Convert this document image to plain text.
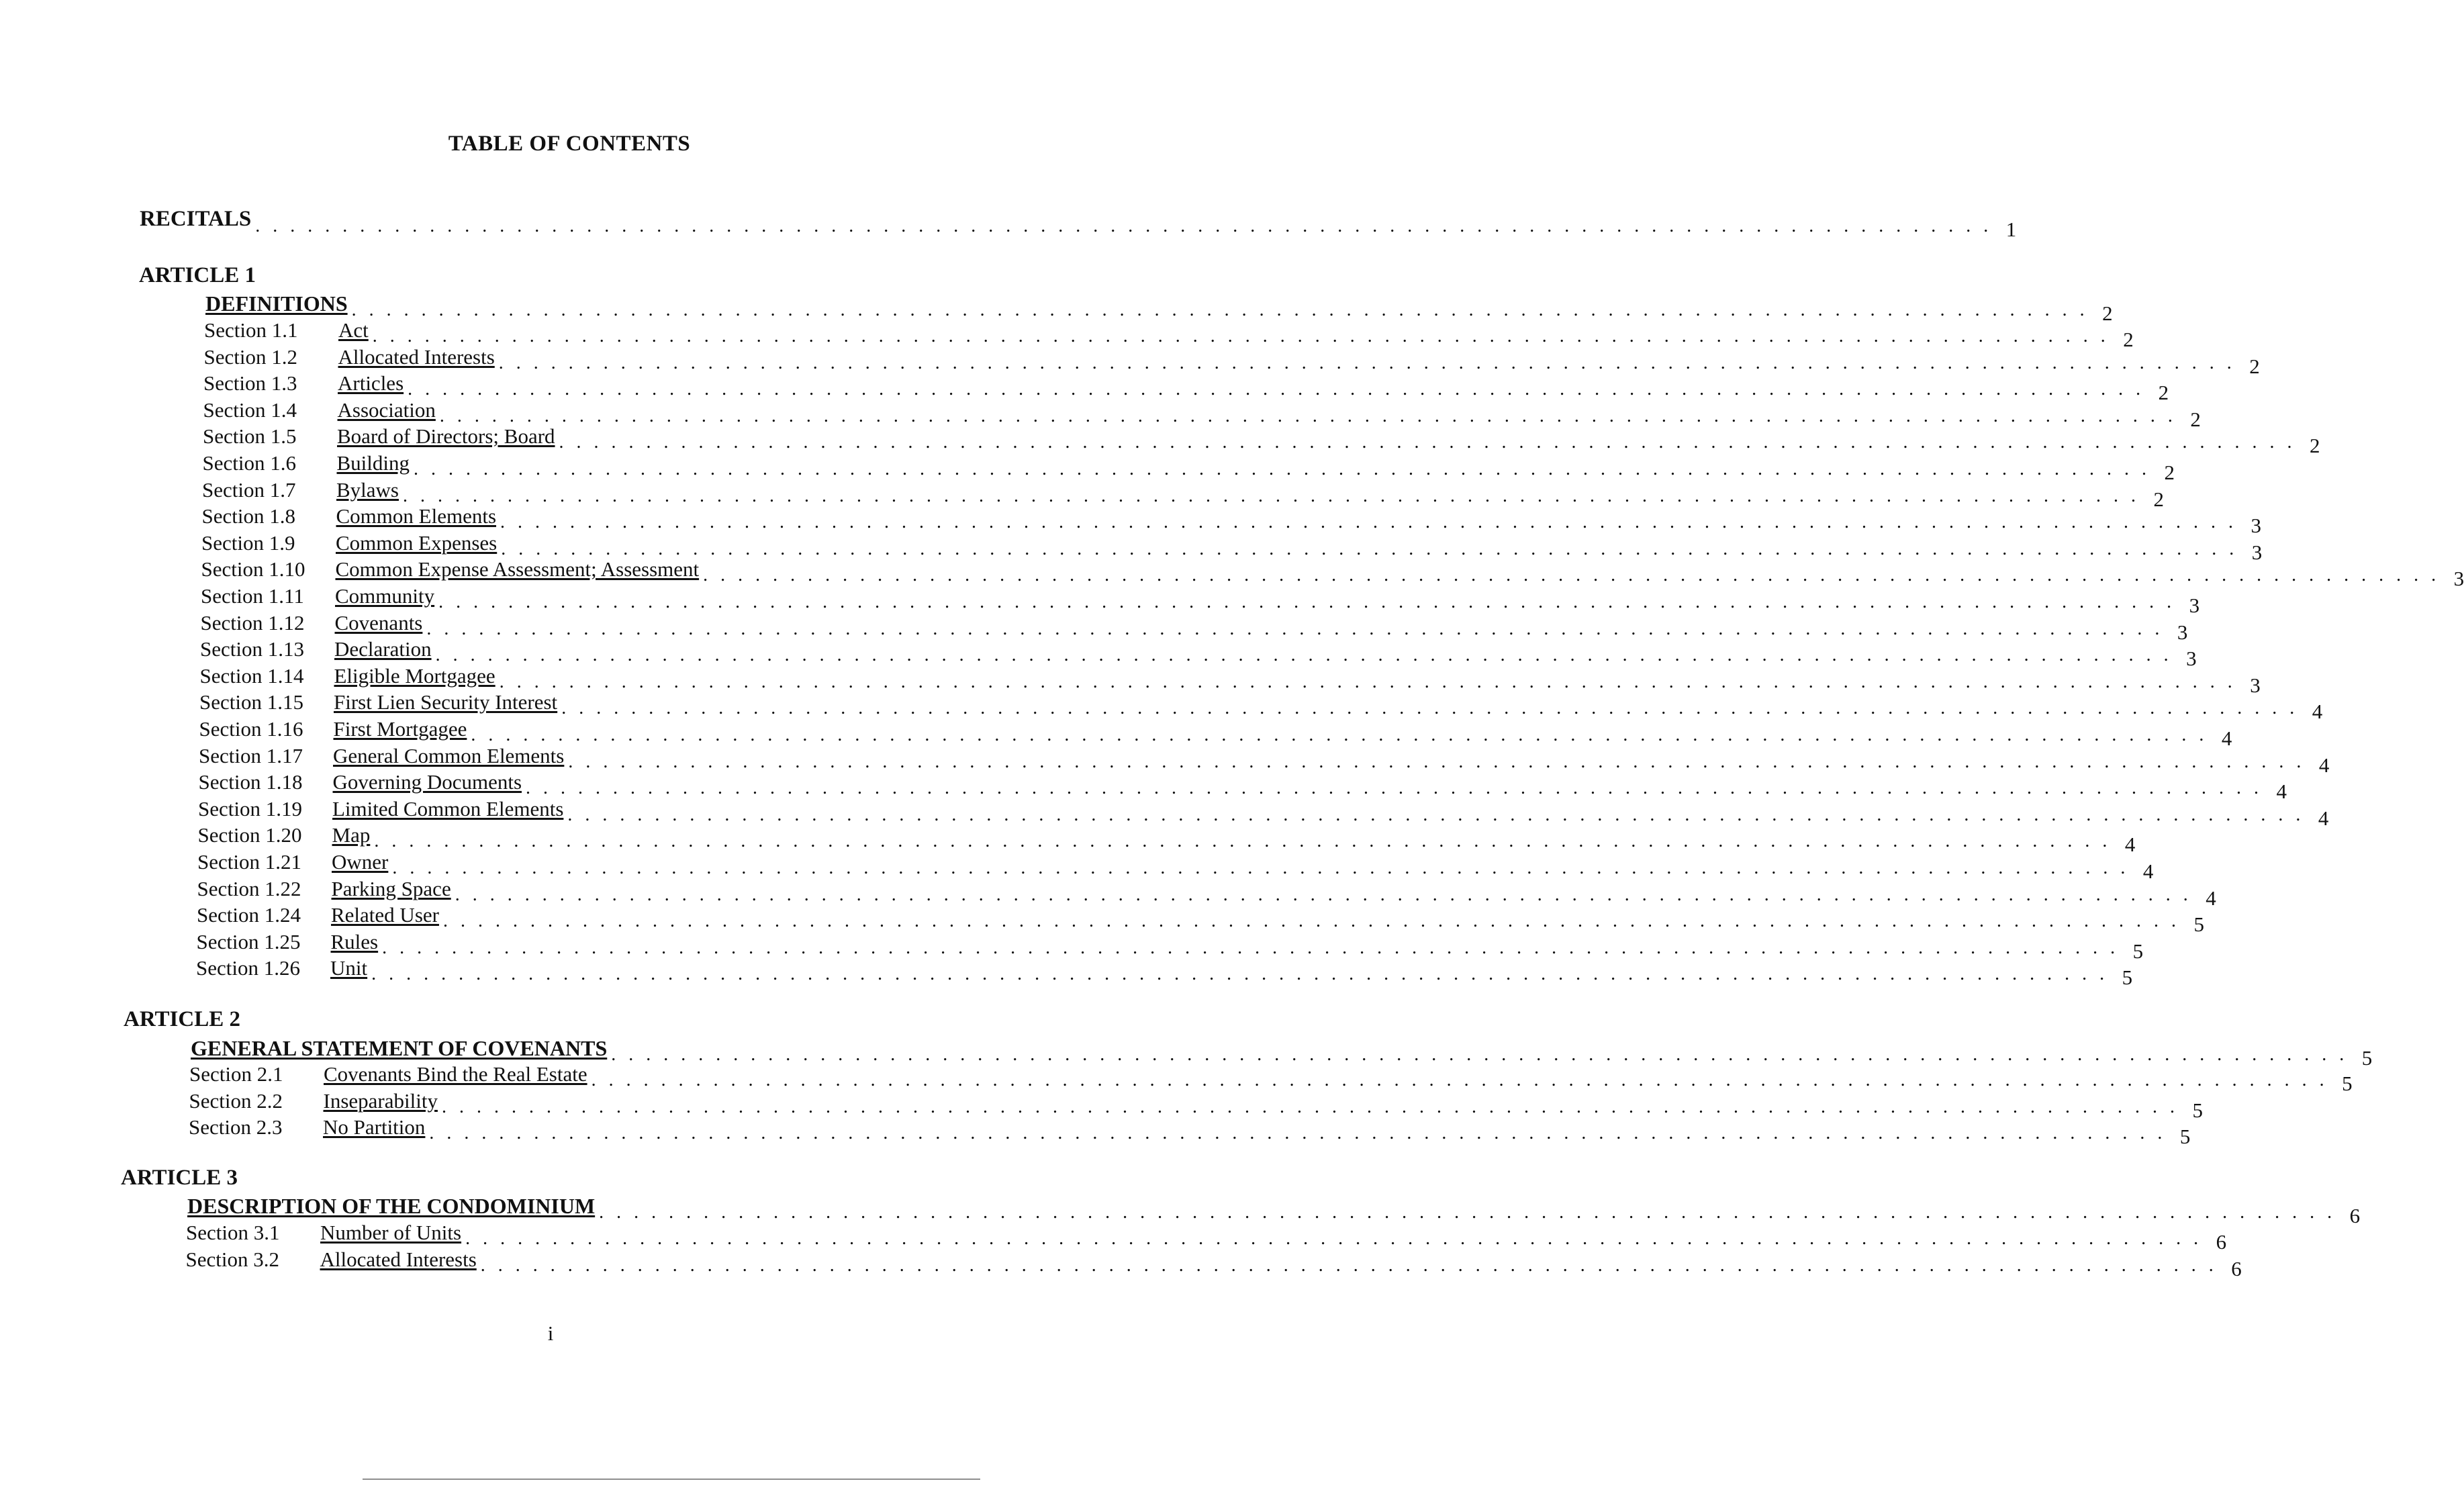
TABLE OF CONTENTS
RECITALS . . . . . . . . . . . . . . . . . . . . . . . . . . . . . . . . . . . . . . . . . . . . . . . . . . . . . . . . . . . . . . . . . . . . . . . . . . . . . . . . . . . . . . . . . . . . . . . . . . . . 1
ARTICLE 1
DEFINITIONS . . . . . . . . . . . . . . . . . . . . . . . . . . . . . . . . . . . . . . . . . . . . . . . . . . . . . . . . . . . . . . . . . . . . . . . . . . . . . . . . . . . . . . . . . . . . . . . . . . . . 2
Section 1.1	Act . . . . . . . . . . . . . . . . . . . . . . . . . . . . . . . . . . . . . . . . . . . . . . . . . . . . . . . . . . . . . . . . . . . . . . . . . . . . . . . . . . . . . . . . . . . . . . . . . . . . 2
Section 1.2	Allocated Interests . . . . . . . . . . . . . . . . . . . . . . . . . . . . . . . . . . . . . . . . . . . . . . . . . . . . . . . . . . . . . . . . . . . . . . . . . . . . . . . . . . . . . . . . . . . . . . . . . . . . 2
Section 1.3	Articles . . . . . . . . . . . . . . . . . . . . . . . . . . . . . . . . . . . . . . . . . . . . . . . . . . . . . . . . . . . . . . . . . . . . . . . . . . . . . . . . . . . . . . . . . . . . . . . . . . . . 2
Section 1.4	Association . . . . . . . . . . . . . . . . . . . . . . . . . . . . . . . . . . . . . . . . . . . . . . . . . . . . . . . . . . . . . . . . . . . . . . . . . . . . . . . . . . . . . . . . . . . . . . . . . . . . 2
Section 1.5	Board of Directors; Board . . . . . . . . . . . . . . . . . . . . . . . . . . . . . . . . . . . . . . . . . . . . . . . . . . . . . . . . . . . . . . . . . . . . . . . . . . . . . . . . . . . . . . . . . . . . . . . . . . . . 2
Section 1.6	Building . . . . . . . . . . . . . . . . . . . . . . . . . . . . . . . . . . . . . . . . . . . . . . . . . . . . . . . . . . . . . . . . . . . . . . . . . . . . . . . . . . . . . . . . . . . . . . . . . . . . 2
Section 1.7	Bylaws . . . . . . . . . . . . . . . . . . . . . . . . . . . . . . . . . . . . . . . . . . . . . . . . . . . . . . . . . . . . . . . . . . . . . . . . . . . . . . . . . . . . . . . . . . . . . . . . . . . . 2
Section 1.8	Common Elements . . . . . . . . . . . . . . . . . . . . . . . . . . . . . . . . . . . . . . . . . . . . . . . . . . . . . . . . . . . . . . . . . . . . . . . . . . . . . . . . . . . . . . . . . . . . . . . . . . . . 3
Section 1.9	Common Expenses . . . . . . . . . . . . . . . . . . . . . . . . . . . . . . . . . . . . . . . . . . . . . . . . . . . . . . . . . . . . . . . . . . . . . . . . . . . . . . . . . . . . . . . . . . . . . . . . . . . . 3
Section 1.10	Common Expense Assessment; Assessment . . . . . . . . . . . . . . . . . . . . . . . . . . . . . . . . . . . . . . . . . . . . . . . . . . . . . . . . . . . . . . . . . . . . . . . . . . . . . . . . . . . . . . . . . . . . . . . . . . . . 3
Section 1.11	Community . . . . . . . . . . . . . . . . . . . . . . . . . . . . . . . . . . . . . . . . . . . . . . . . . . . . . . . . . . . . . . . . . . . . . . . . . . . . . . . . . . . . . . . . . . . . . . . . . . . . 3
Section 1.12	Covenants . . . . . . . . . . . . . . . . . . . . . . . . . . . . . . . . . . . . . . . . . . . . . . . . . . . . . . . . . . . . . . . . . . . . . . . . . . . . . . . . . . . . . . . . . . . . . . . . . . . . 3
Section 1.13	Declaration . . . . . . . . . . . . . . . . . . . . . . . . . . . . . . . . . . . . . . . . . . . . . . . . . . . . . . . . . . . . . . . . . . . . . . . . . . . . . . . . . . . . . . . . . . . . . . . . . . . . 3
Section 1.14	Eligible Mortgagee . . . . . . . . . . . . . . . . . . . . . . . . . . . . . . . . . . . . . . . . . . . . . . . . . . . . . . . . . . . . . . . . . . . . . . . . . . . . . . . . . . . . . . . . . . . . . . . . . . . . 3
Section 1.15	First Lien Security Interest . . . . . . . . . . . . . . . . . . . . . . . . . . . . . . . . . . . . . . . . . . . . . . . . . . . . . . . . . . . . . . . . . . . . . . . . . . . . . . . . . . . . . . . . . . . . . . . . . . . . 4
Section 1.16	First Mortgagee . . . . . . . . . . . . . . . . . . . . . . . . . . . . . . . . . . . . . . . . . . . . . . . . . . . . . . . . . . . . . . . . . . . . . . . . . . . . . . . . . . . . . . . . . . . . . . . . . . . . 4
Section 1.17	General Common Elements . . . . . . . . . . . . . . . . . . . . . . . . . . . . . . . . . . . . . . . . . . . . . . . . . . . . . . . . . . . . . . . . . . . . . . . . . . . . . . . . . . . . . . . . . . . . . . . . . . . . 4
Section 1.18	Governing Documents . . . . . . . . . . . . . . . . . . . . . . . . . . . . . . . . . . . . . . . . . . . . . . . . . . . . . . . . . . . . . . . . . . . . . . . . . . . . . . . . . . . . . . . . . . . . . . . . . . . . 4
Section 1.19	Limited Common Elements . . . . . . . . . . . . . . . . . . . . . . . . . . . . . . . . . . . . . . . . . . . . . . . . . . . . . . . . . . . . . . . . . . . . . . . . . . . . . . . . . . . . . . . . . . . . . . . . . . . . 4
Section 1.20	Map . . . . . . . . . . . . . . . . . . . . . . . . . . . . . . . . . . . . . . . . . . . . . . . . . . . . . . . . . . . . . . . . . . . . . . . . . . . . . . . . . . . . . . . . . . . . . . . . . . . . 4
Section 1.21	Owner . . . . . . . . . . . . . . . . . . . . . . . . . . . . . . . . . . . . . . . . . . . . . . . . . . . . . . . . . . . . . . . . . . . . . . . . . . . . . . . . . . . . . . . . . . . . . . . . . . . . 4
Section 1.22	Parking Space . . . . . . . . . . . . . . . . . . . . . . . . . . . . . . . . . . . . . . . . . . . . . . . . . . . . . . . . . . . . . . . . . . . . . . . . . . . . . . . . . . . . . . . . . . . . . . . . . . . . 4
Section 1.24	Related User . . . . . . . . . . . . . . . . . . . . . . . . . . . . . . . . . . . . . . . . . . . . . . . . . . . . . . . . . . . . . . . . . . . . . . . . . . . . . . . . . . . . . . . . . . . . . . . . . . . . 5
Section 1.25	Rules . . . . . . . . . . . . . . . . . . . . . . . . . . . . . . . . . . . . . . . . . . . . . . . . . . . . . . . . . . . . . . . . . . . . . . . . . . . . . . . . . . . . . . . . . . . . . . . . . . . . 5
Section 1.26	Unit . . . . . . . . . . . . . . . . . . . . . . . . . . . . . . . . . . . . . . . . . . . . . . . . . . . . . . . . . . . . . . . . . . . . . . . . . . . . . . . . . . . . . . . . . . . . . . . . . . . . 5
ARTICLE 2
GENERAL STATEMENT OF COVENANTS . . . . . . . . . . . . . . . . . . . . . . . . . . . . . . . . . . . . . . . . . . . . . . . . . . . . . . . . . . . . . . . . . . . . . . . . . . . . . . . . . . . . . . . . . . . . . . . . . . . . 5
Section 2.1	Covenants Bind the Real Estate . . . . . . . . . . . . . . . . . . . . . . . . . . . . . . . . . . . . . . . . . . . . . . . . . . . . . . . . . . . . . . . . . . . . . . . . . . . . . . . . . . . . . . . . . . . . . . . . . . . . 5
Section 2.2	Inseparability . . . . . . . . . . . . . . . . . . . . . . . . . . . . . . . . . . . . . . . . . . . . . . . . . . . . . . . . . . . . . . . . . . . . . . . . . . . . . . . . . . . . . . . . . . . . . . . . . . . . 5
Section 2.3	No Partition . . . . . . . . . . . . . . . . . . . . . . . . . . . . . . . . . . . . . . . . . . . . . . . . . . . . . . . . . . . . . . . . . . . . . . . . . . . . . . . . . . . . . . . . . . . . . . . . . . . . 5
ARTICLE 3
DESCRIPTION OF THE CONDOMINIUM . . . . . . . . . . . . . . . . . . . . . . . . . . . . . . . . . . . . . . . . . . . . . . . . . . . . . . . . . . . . . . . . . . . . . . . . . . . . . . . . . . . . . . . . . . . . . . . . . . . . 6
Section 3.1	Number of Units . . . . . . . . . . . . . . . . . . . . . . . . . . . . . . . . . . . . . . . . . . . . . . . . . . . . . . . . . . . . . . . . . . . . . . . . . . . . . . . . . . . . . . . . . . . . . . . . . . . . 6
Section 3.2	Allocated Interests . . . . . . . . . . . . . . . . . . . . . . . . . . . . . . . . . . . . . . . . . . . . . . . . . . . . . . . . . . . . . . . . . . . . . . . . . . . . . . . . . . . . . . . . . . . . . . . . . . . . 6
i
